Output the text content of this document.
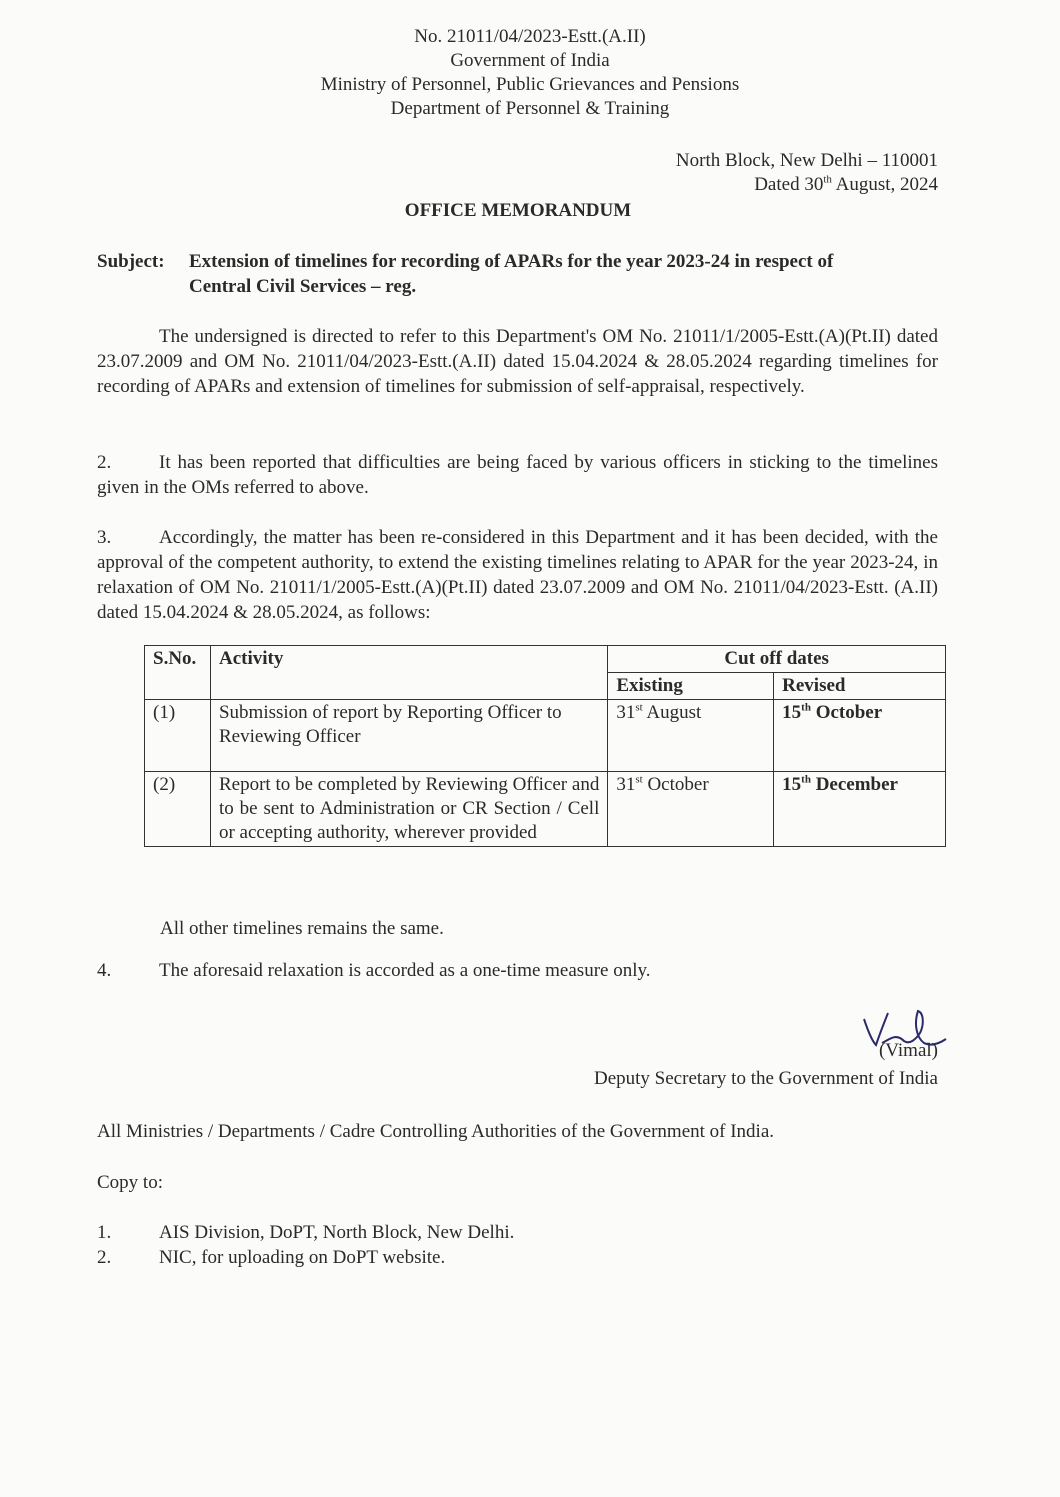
No. 21011/04/2023-Estt.(A.II)
Government of India
Ministry of Personnel, Public Grievances and Pensions
Department of Personnel & Training
North Block, New Delhi – 110001
Dated 30th August, 2024
OFFICE MEMORANDUM
Subject: Extension of timelines for recording of APARs for the year 2023-24 in respect of
Central Civil Services – reg.

The undersigned is directed to refer to this Department's OM No. 21011/1/2005-Estt.(A)(Pt.II) dated 23.07.2009 and OM No. 21011/04/2023-Estt.(A.II) dated 15.04.2024 & 28.05.2024 regarding timelines for recording of APARs and extension of timelines for submission of self-appraisal, respectively.

2.	It has been reported that difficulties are being faced by various officers in sticking to the timelines given in the OMs referred to above.

3.	Accordingly, the matter has been re-considered in this Department and it has been decided, with the approval of the competent authority, to extend the existing timelines relating to APAR for the year 2023-24, in relaxation of OM No. 21011/1/2005-Estt.(A)(Pt.II) dated 23.07.2009 and OM No. 21011/04/2023-Estt. (A.II) dated 15.04.2024 & 28.05.2024, as follows:

S.No.	Activity	Cut off dates	
		Existing	Revised
(1)	Submission of report by Reporting Officer to Reviewing Officer	31st August	15th October
(2)	Report to be completed by Reviewing Officer and to be sent to Administration or CR Section / Cell or accepting authority, wherever provided	31st October	15th December
All other timelines remains the same.
4.	The aforesaid relaxation is accorded as a one-time measure only.
(Vimal)
Deputy Secretary to the Government of India
All Ministries / Departments / Cadre Controlling Authorities of the Government of India.
Copy to:
1.	AIS Division, DoPT, North Block, New Delhi.
2.	NIC, for uploading on DoPT website.
